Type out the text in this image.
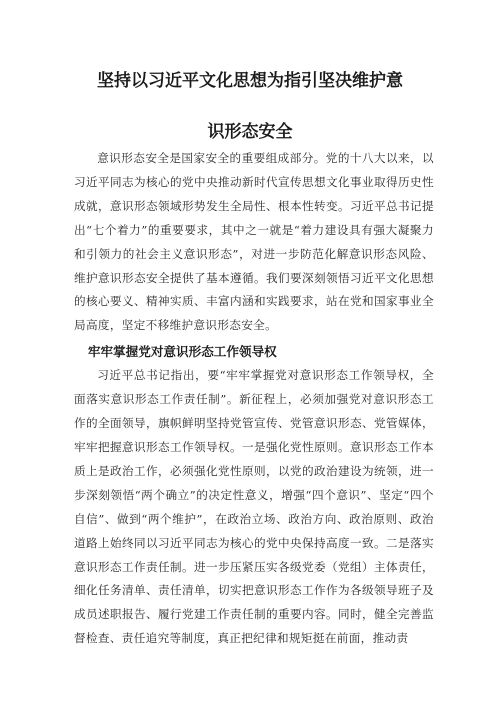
坚持以习近平文化思想为指引坚决维护意
识形态安全

意识形态安全是国家安全的重要组成部分。党的十八大以来，以习近平同志为核心的党中央推动新时代宣传思想文化事业取得历史性成就，意识形态领域形势发生全局性、根本性转变。习近平总书记提出“七个着力”的重要要求，其中之一就是“着力建设具有强大凝聚力和引领力的社会主义意识形态”，对进一步防范化解意识形态风险、维护意识形态安全提供了基本遵循。我们要深刻领悟习近平文化思想的核心要义、精神实质、丰富内涵和实践要求，站在党和国家事业全局高度，坚定不移维护意识形态安全。

牢牢掌握党对意识形态工作领导权

习近平总书记指出，要“牢牢掌握党对意识形态工作领导权，全面落实意识形态工作责任制”。新征程上，必须加强党对意识形态工作的全面领导，旗帜鲜明坚持党管宣传、党管意识形态、党管媒体，牢牢把握意识形态工作领导权。一是强化党性原则。意识形态工作本质上是政治工作，必须强化党性原则，以党的政治建设为统领，进一步深刻领悟“两个确立”的决定性意义，增强“四个意识”、坚定“四个自信”、做到“两个维护”，在政治立场、政治方向、政治原则、政治道路上始终同以习近平同志为核心的党中央保持高度一致。二是落实意识形态工作责任制。进一步压紧压实各级党委（党组）主体责任，细化任务清单、责任清单，切实把意识形态工作作为各级领导班子及成员述职报告、履行党建工作责任制的重要内容。同时，健全完善监督检查、责任追究等制度，真正把纪律和规矩挺在前面，推动责
